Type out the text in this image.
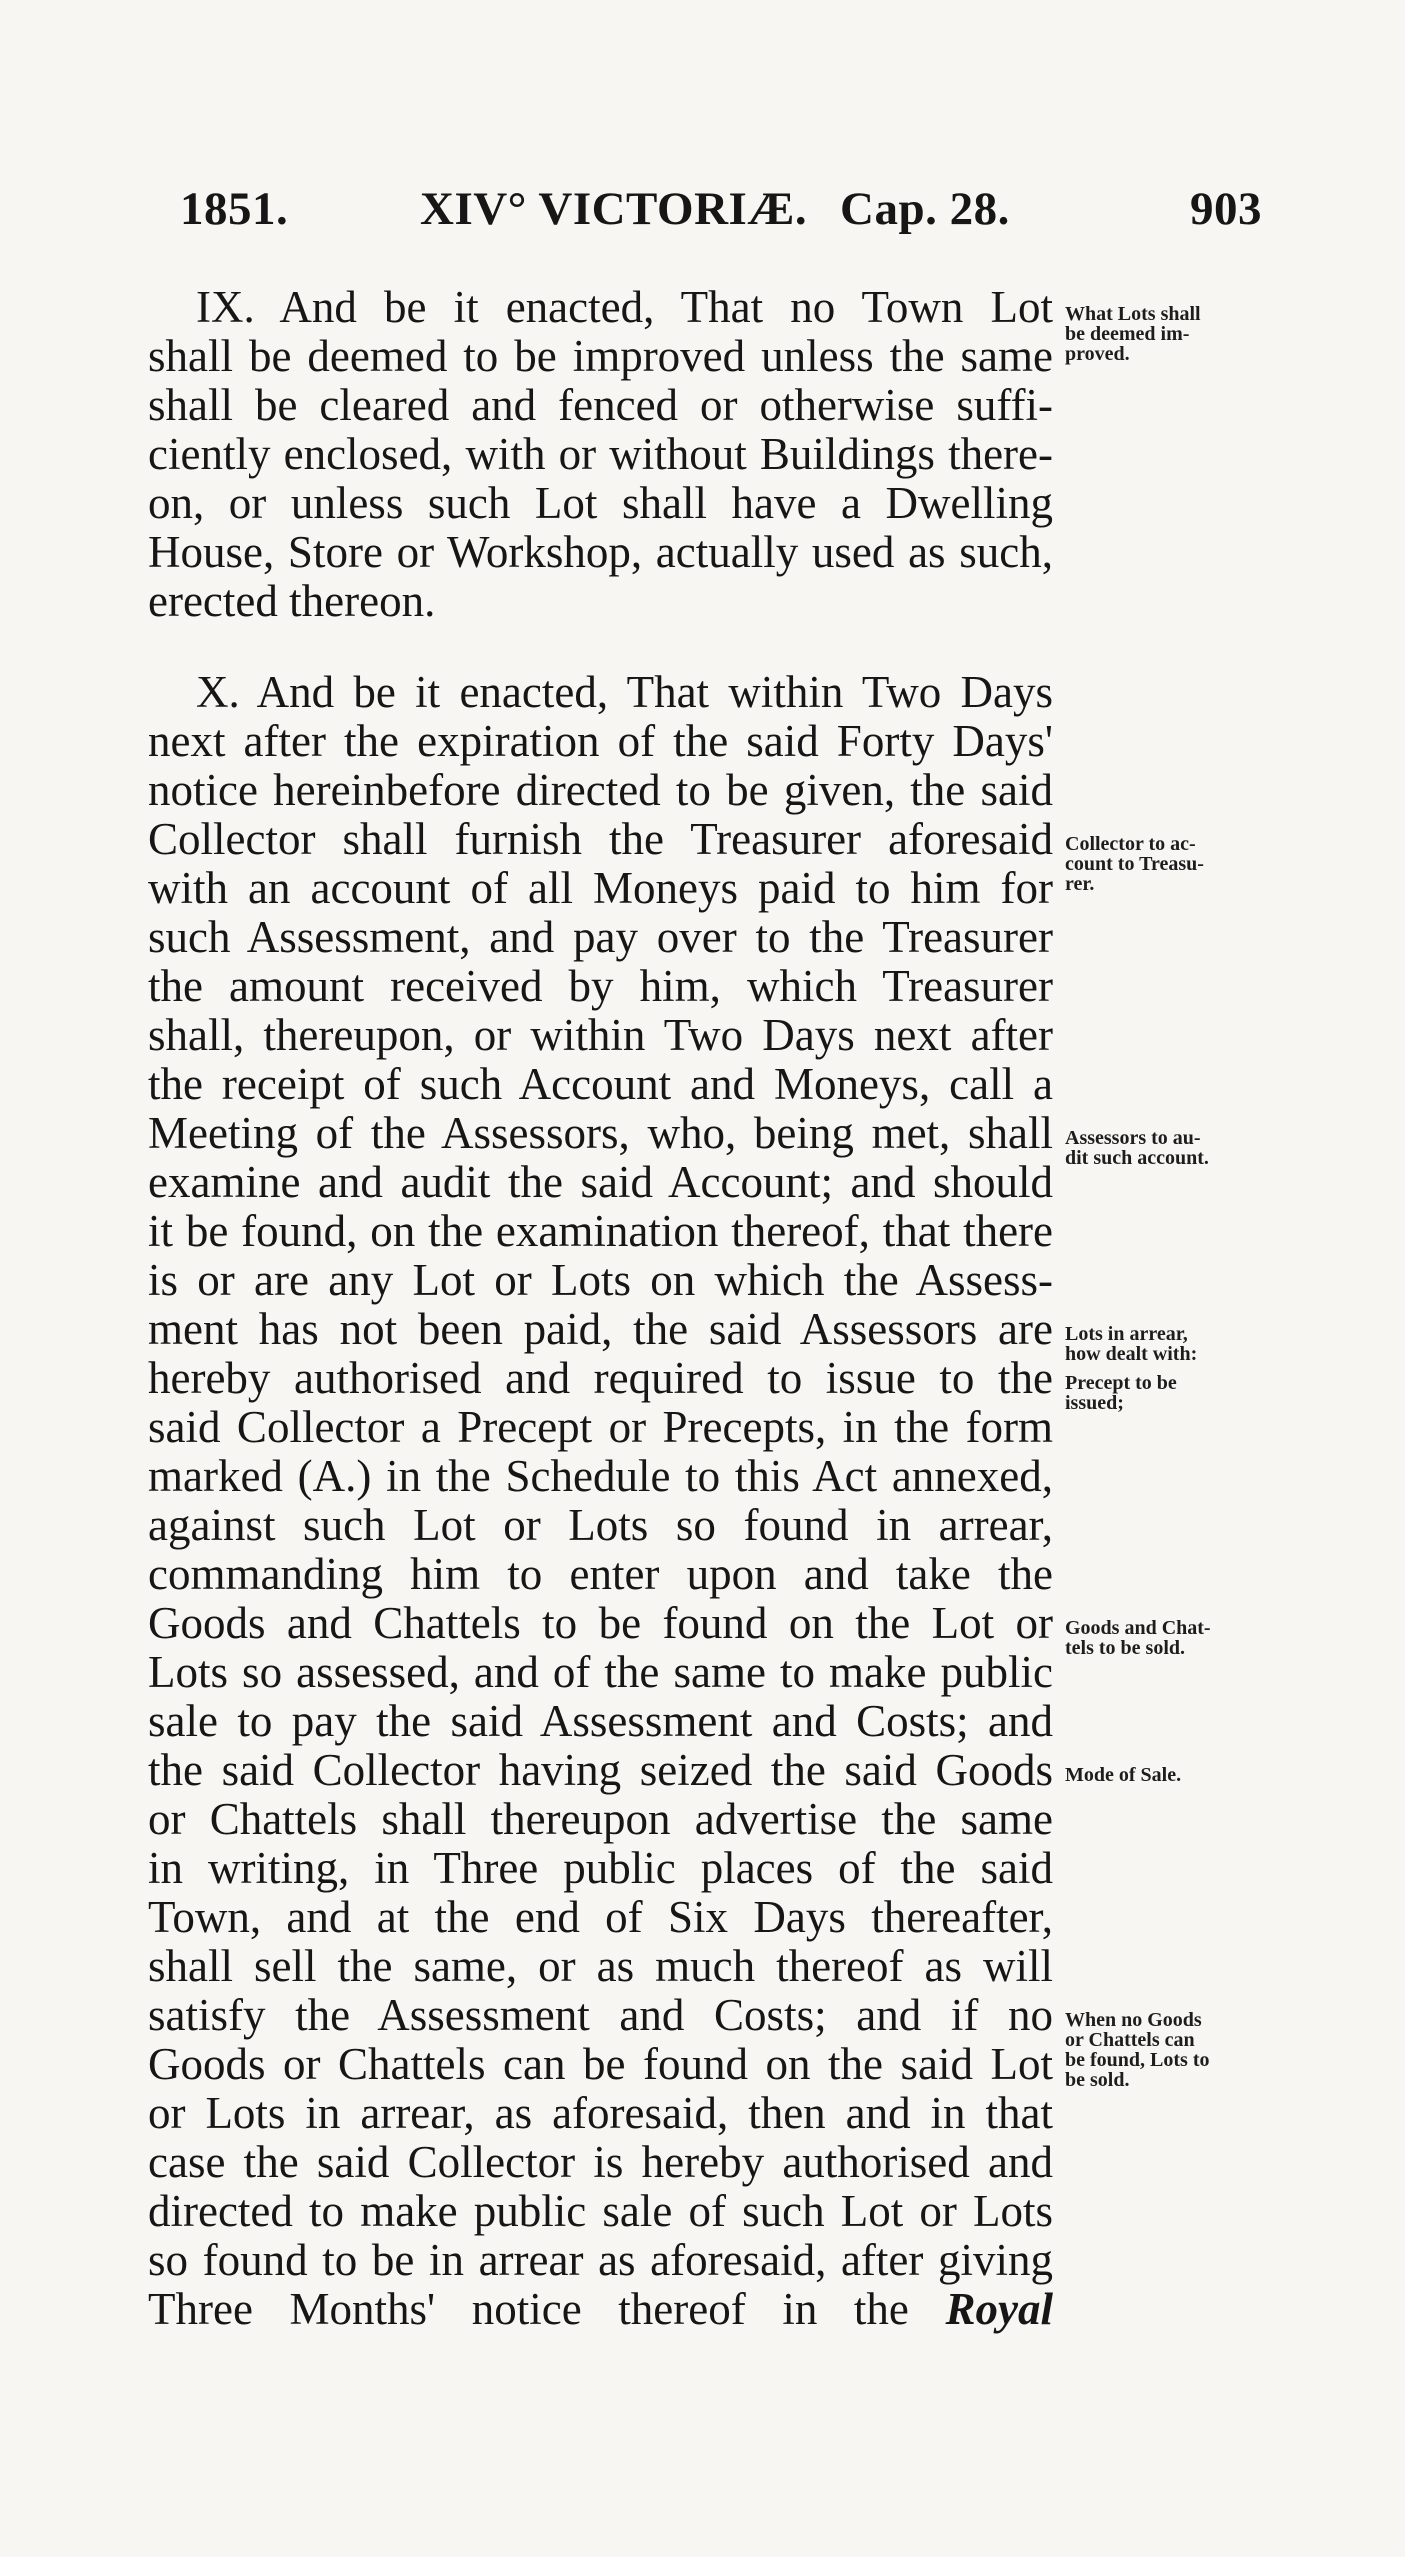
1851.	XIV° VICTORIÆ. Cap. 28.	903
IX. And be it enacted, That no Town Lot
shall be deemed to be improved unless the same
shall be cleared and fenced or otherwise suffi-
ciently enclosed, with or without Buildings there-
on, or unless such Lot shall have a Dwelling
House, Store or Workshop, actually used as such,
erected thereon.
X. And be it enacted, That within Two Days
next after the expiration of the said Forty Days'
notice hereinbefore directed to be given, the said
Collector shall furnish the Treasurer aforesaid
with an account of all Moneys paid to him for
such Assessment, and pay over to the Treasurer
the amount received by him, which Treasurer
shall, thereupon, or within Two Days next after
the receipt of such Account and Moneys, call a
Meeting of the Assessors, who, being met, shall
examine and audit the said Account; and should
it be found, on the examination thereof, that there
is or are any Lot or Lots on which the Assess-
ment has not been paid, the said Assessors are
hereby authorised and required to issue to the
said Collector a Precept or Precepts, in the form
marked (A.) in the Schedule to this Act annexed,
against such Lot or Lots so found in arrear,
commanding him to enter upon and take the
Goods and Chattels to be found on the Lot or
Lots so assessed, and of the same to make public
sale to pay the said Assessment and Costs; and
the said Collector having seized the said Goods
or Chattels shall thereupon advertise the same
in writing, in Three public places of the said
Town, and at the end of Six Days thereafter,
shall sell the same, or as much thereof as will
satisfy the Assessment and Costs; and if no
Goods or Chattels can be found on the said Lot
or Lots in arrear, as aforesaid, then and in that
case the said Collector is hereby authorised and
directed to make public sale of such Lot or Lots
so found to be in arrear as aforesaid, after giving
Three Months' notice thereof in the Royal
What Lots shall
be deemed im-
proved.
Collector to ac-
count to Treasu-
rer.
Assessors to au-
dit such account.
Lots in arrear,
how dealt with:
Precept to be
issued;
Goods and Chat-
tels to be sold.
Mode of Sale.
When no Goods
or Chattels can
be found, Lots to
be sold.
